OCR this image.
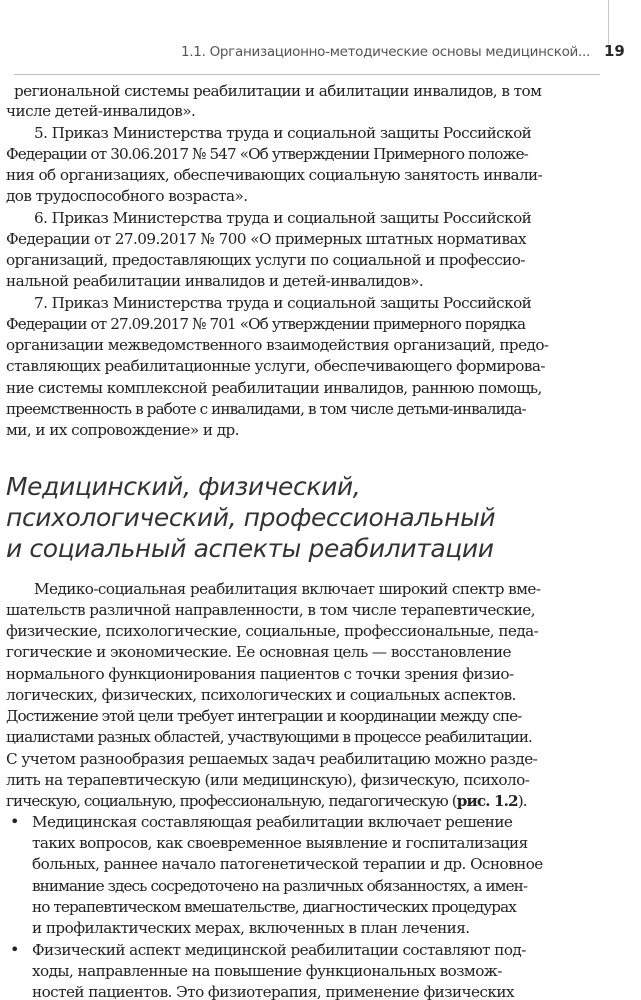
1.1. Организационно-методические основы медицинской... 19
региональной системы реабилитации и абилитации инвалидов, в том
числе детей-инвалидов».
5. Приказ Министерства труда и социальной защиты Российской
Федерации от 30.06.2017 № 547 «Об утверждении Примерного положе-
ния об организациях, обеспечивающих социальную занятость инвали-
дов трудоспособного возраста».
6. Приказ Министерства труда и социальной защиты Российской
Федерации от 27.09.2017 № 700 «О примерных штатных нормативах
организаций, предоставляющих услуги по социальной и профессио-
нальной реабилитации инвалидов и детей-инвалидов».
7. Приказ Министерства труда и социальной защиты Российской
Федерации от 27.09.2017 № 701 «Об утверждении примерного порядка
организации межведомственного взаимодействия организаций, предо-
ставляющих реабилитационные услуги, обеспечивающего формирова-
ние системы комплексной реабилитации инвалидов, раннюю помощь,
преемственность в работе с инвалидами, в том числе детьми-инвалида-
ми, и их сопровождение» и др.
Медицинский, физический,
психологический, профессиональный
и социальный аспекты реабилитации
Медико-социальная реабилитация включает широкий спектр вме-
шательств различной направленности, в том числе терапевтические,
физические, психологические, социальные, профессиональные, педа-
гогические и экономические. Ее основная цель — восстановление
нормального функционирования пациентов с точки зрения физио-
логических, физических, психологических и социальных аспектов.
Достижение этой цели требует интеграции и координации между спе-
циалистами разных областей, участвующими в процессе реабилитации.
С учетом разнообразия решаемых задач реабилитацию можно разде-
лить на терапевтическую (или медицинскую), физическую, психоло-
гическую, социальную, профессиональную, педагогическую (рис. 1.2).
• Медицинская составляющая реабилитации включает решение
таких вопросов, как своевременное выявление и госпитализация
больных, раннее начало патогенетической терапии и др. Основное
внимание здесь сосредоточено на различных обязанностях, а имен-
но терапевтическом вмешательстве, диагностических процедурах
и профилактических мерах, включенных в план лечения.
• Физический аспект медицинской реабилитации составляют под-
ходы, направленные на повышение функциональных возмож-
ностей пациентов. Это физиотерапия, применение физических
